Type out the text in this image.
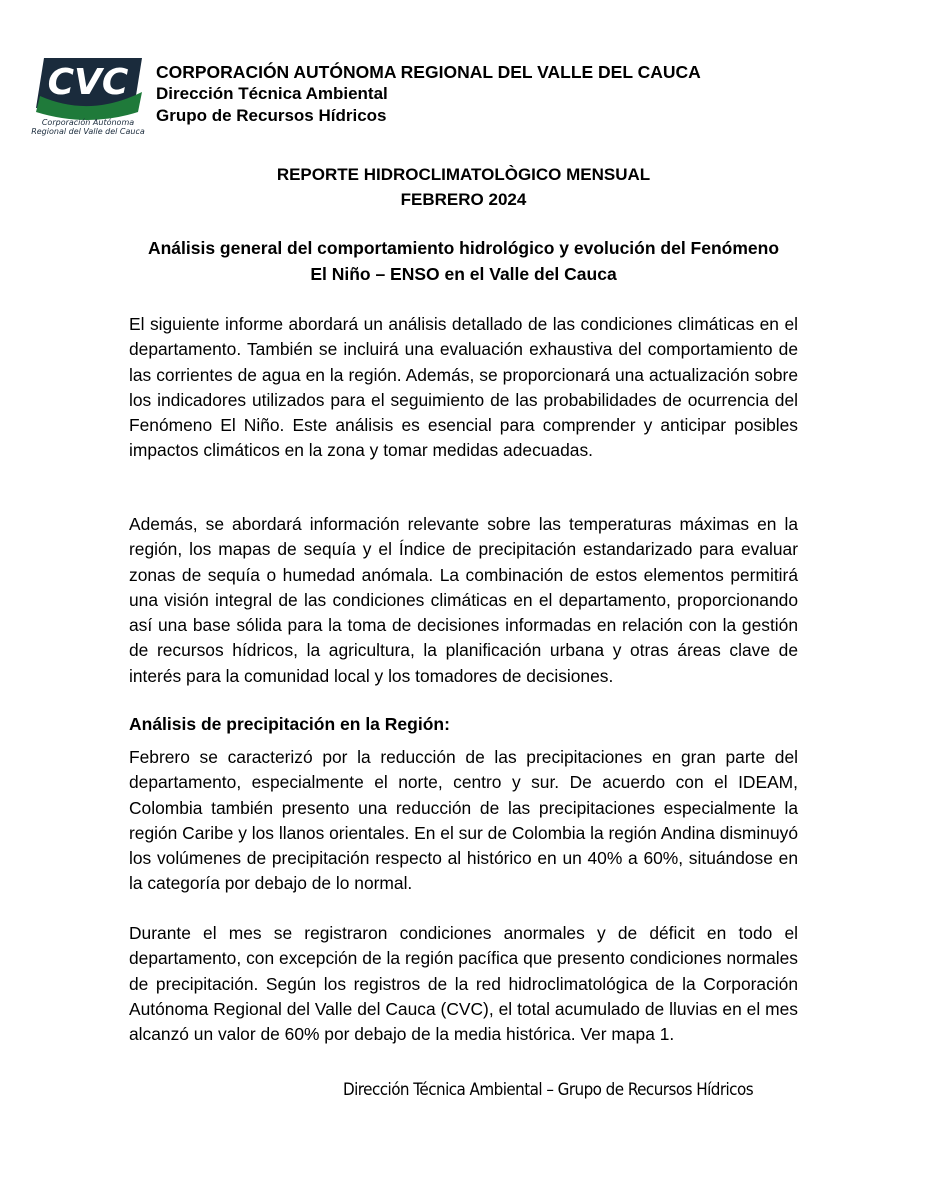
CVC
Corporación Autónoma
Regional del Valle del Cauca
CORPORACIÓN AUTÓNOMA REGIONAL DEL VALLE DEL CAUCA
Dirección Técnica Ambiental
Grupo de Recursos Hídricos
REPORTE HIDROCLIMATOLÒGICO MENSUAL
FEBRERO 2024
Análisis general del comportamiento hidrológico y evolución del Fenómeno
El Niño – ENSO en el Valle del Cauca

El siguiente informe abordará un análisis detallado de las condiciones climáticas en el departamento. También se incluirá una evaluación exhaustiva del comportamiento de las corrientes de agua en la región. Además, se proporcionará una actualización sobre los indicadores utilizados para el seguimiento de las probabilidades de ocurrencia del Fenómeno El Niño. Este análisis es esencial para comprender y anticipar posibles impactos climáticos en la zona y tomar medidas adecuadas.

Además, se abordará información relevante sobre las temperaturas máximas en la región, los mapas de sequía y el Índice de precipitación estandarizado para evaluar zonas de sequía o humedad anómala. La combinación de estos elementos permitirá una visión integral de las condiciones climáticas en el departamento, proporcionando así una base sólida para la toma de decisiones informadas en relación con la gestión de recursos hídricos, la agricultura, la planificación urbana y otras áreas clave de interés para la comunidad local y los tomadores de decisiones.

Análisis de precipitación en la Región:

Febrero se caracterizó por la reducción de las precipitaciones en gran parte del departamento, especialmente el norte, centro y sur. De acuerdo con el IDEAM, Colombia también presento una reducción de las precipitaciones especialmente la región Caribe y los llanos orientales. En el sur de Colombia la región Andina disminuyó los volúmenes de precipitación respecto al histórico en un 40% a 60%, situándose en la categoría por debajo de lo normal.

Durante el mes se registraron condiciones anormales y de déficit en todo el departamento, con excepción de la región pacífica que presento condiciones normales de precipitación. Según los registros de la red hidroclimatológica de la Corporación Autónoma Regional del Valle del Cauca (CVC), el total acumulado de lluvias en el mes alcanzó un valor de 60% por debajo de la media histórica. Ver mapa 1.

Dirección Técnica Ambiental – Grupo de Recursos Hídricos
